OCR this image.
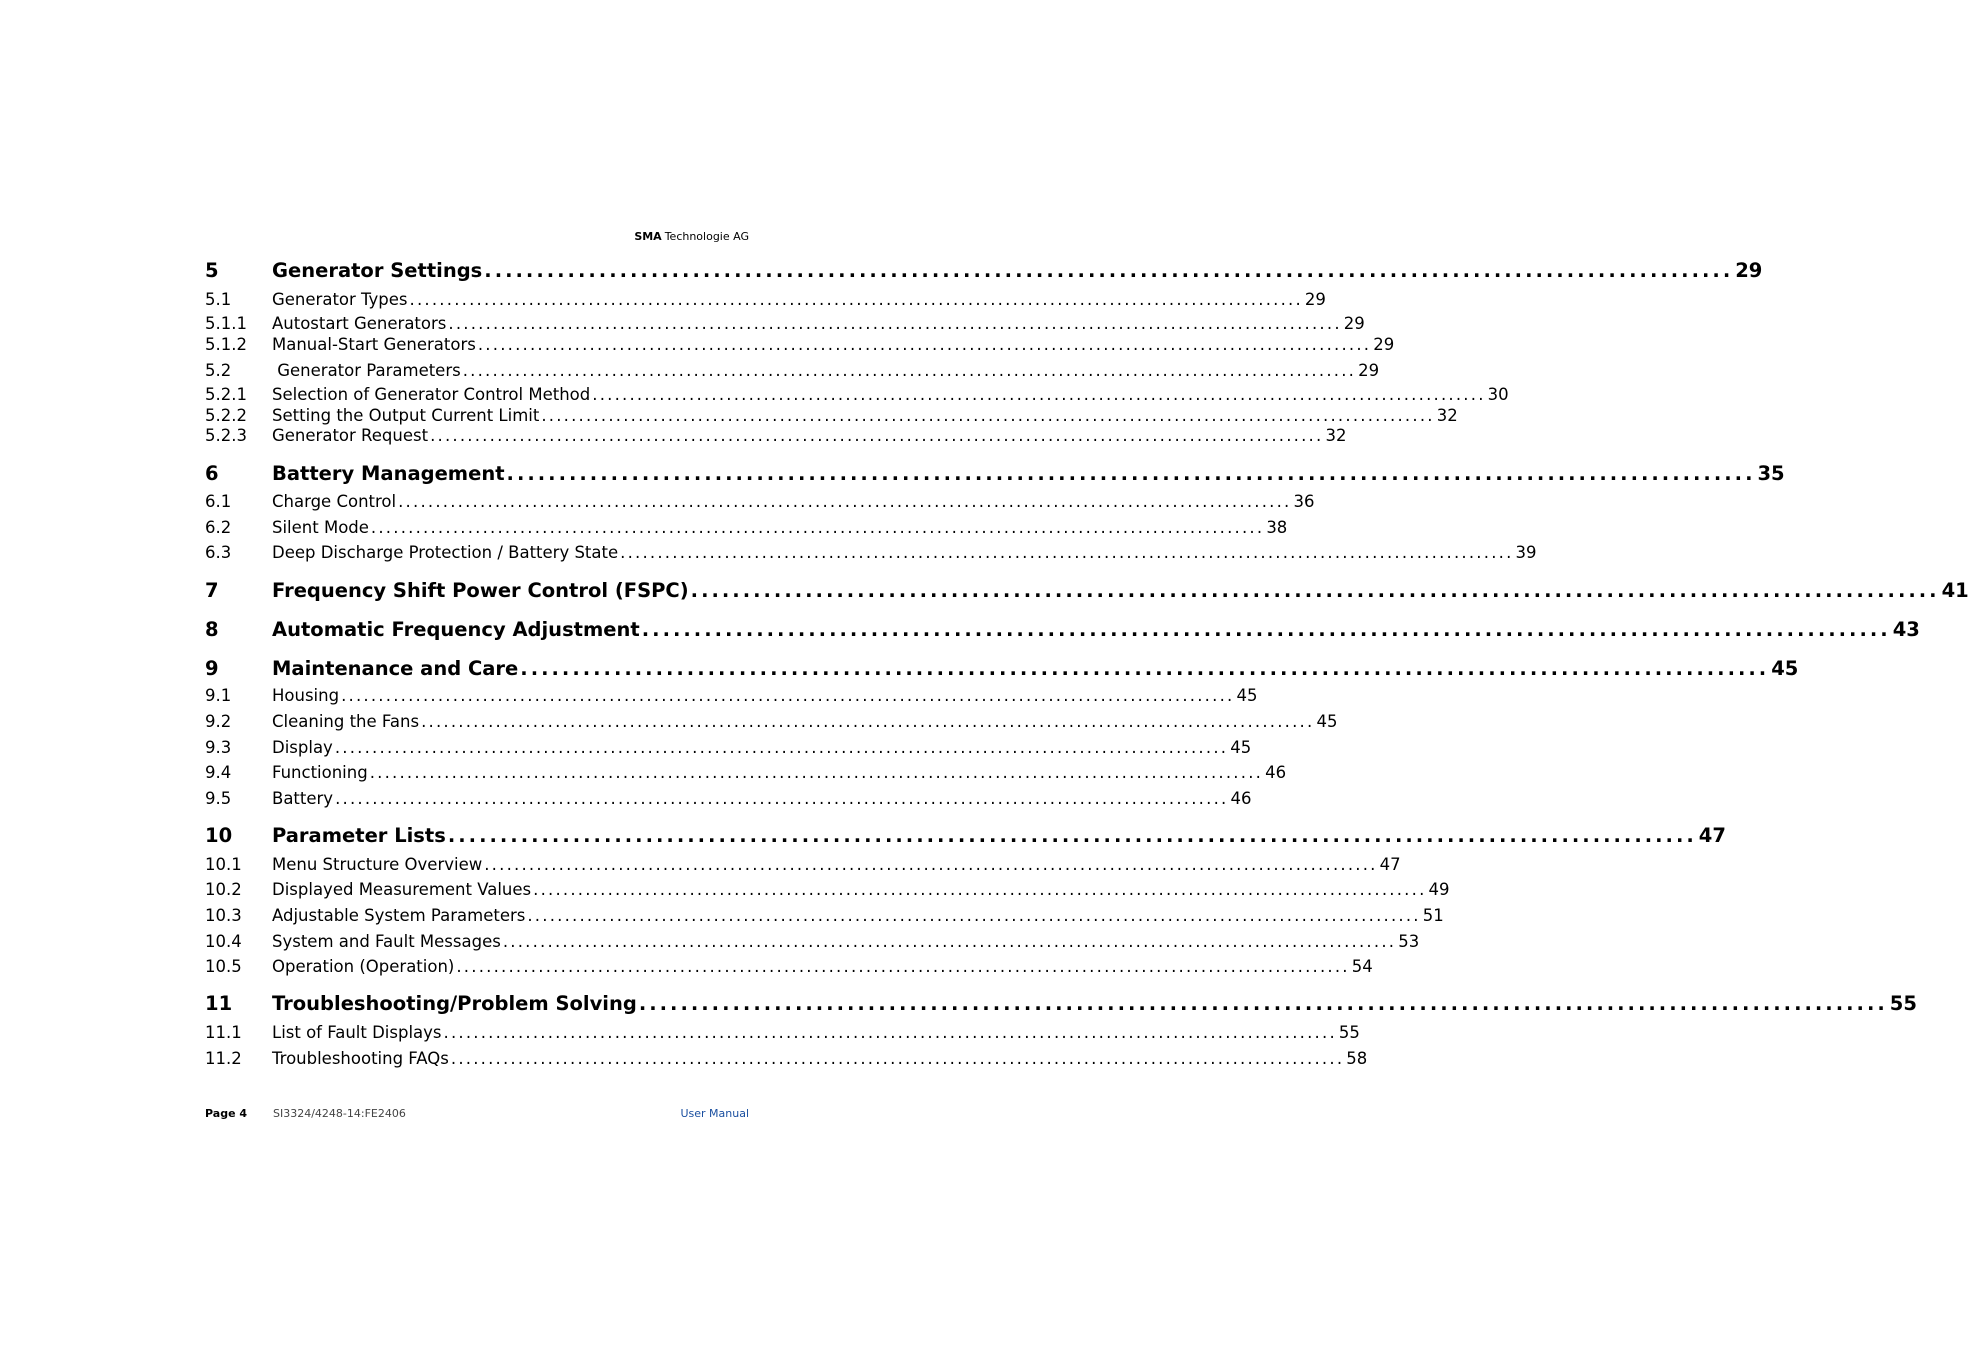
SMA Technologie AG
5	Generator Settings ........................................................................................................................ 29
5.1	Generator Types ........................................................................................................................ 29
5.1.1	Autostart Generators ........................................................................................................................ 29
5.1.2	Manual-Start Generators ........................................................................................................................ 29
5.2	Generator Parameters ........................................................................................................................ 29
5.2.1	Selection of Generator Control Method ........................................................................................................................ 30
5.2.2	Setting the Output Current Limit ........................................................................................................................ 32
5.2.3	Generator Request ........................................................................................................................ 32
6	Battery Management ........................................................................................................................ 35
6.1	Charge Control ........................................................................................................................ 36
6.2	Silent Mode ........................................................................................................................ 38
6.3	Deep Discharge Protection / Battery State ........................................................................................................................ 39
7	Frequency Shift Power Control (FSPC) ........................................................................................................................ 41
8	Automatic Frequency Adjustment ........................................................................................................................ 43
9	Maintenance and Care ........................................................................................................................ 45
9.1	Housing ........................................................................................................................ 45
9.2	Cleaning the Fans ........................................................................................................................ 45
9.3	Display ........................................................................................................................ 45
9.4	Functioning ........................................................................................................................ 46
9.5	Battery ........................................................................................................................ 46
10	Parameter Lists ........................................................................................................................ 47
10.1	Menu Structure Overview ........................................................................................................................ 47
10.2	Displayed Measurement Values ........................................................................................................................ 49
10.3	Adjustable System Parameters ........................................................................................................................ 51
10.4	System and Fault Messages ........................................................................................................................ 53
10.5	Operation (Operation) ........................................................................................................................ 54
11	Troubleshooting/Problem Solving ........................................................................................................................ 55
11.1	List of Fault Displays ........................................................................................................................ 55
11.2	Troubleshooting FAQs ........................................................................................................................ 58
Page 4 SI3324/4248-14:FE2406	User Manual
